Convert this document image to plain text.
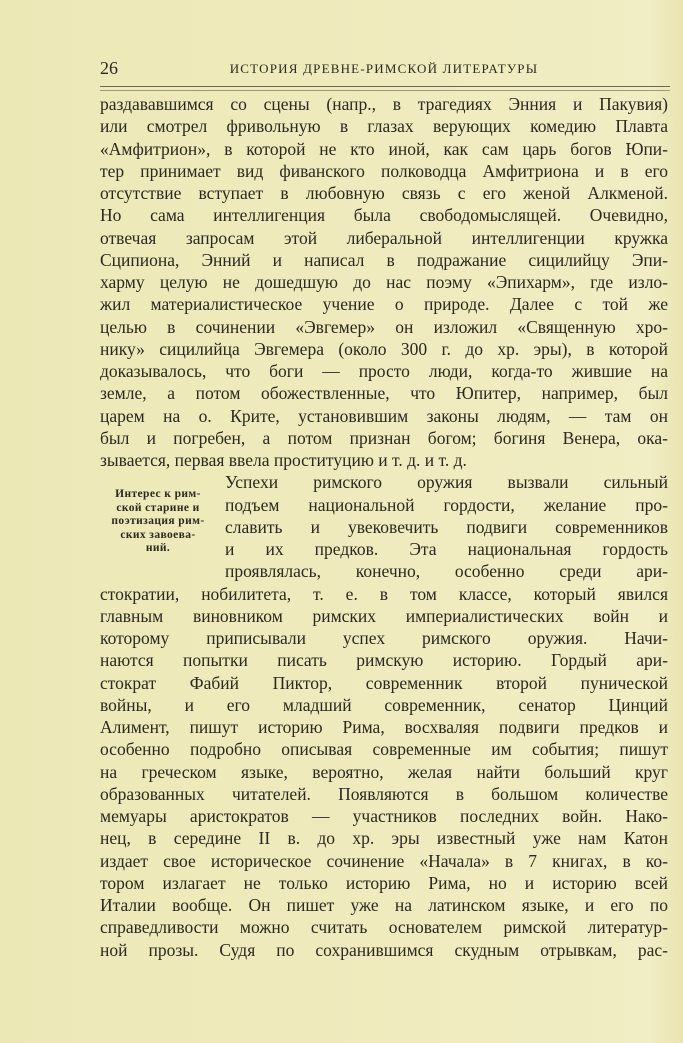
26	ИСТОРИЯ ДРЕВНЕ-РИМСКОЙ ЛИТЕРАТУРЫ
Интерес к рим-
ской старине и
поэтизация рим-
ских завоева-
ний.
раздававшимся со сцены (напр., в трагедиях Энния и Пакувия)
или смотрел фривольную в глазах верующих комедию Плавта
«Амфитрион», в которой не кто иной, как сам царь богов Юпи-
тер принимает вид фиванского полководца Амфитриона и в его
отсутствие вступает в любовную связь с его женой Алкменой.
Но сама интеллигенция была свободомыслящей. Очевидно,
отвечая запросам этой либеральной интеллигенции кружка
Сципиона, Энний и написал в подражание сицилийцу Эпи-
харму целую не дошедшую до нас поэму «Эпихарм», где изло-
жил материалистическое учение о природе. Далее с той же
целью в сочинении «Эвгемер» он изложил «Священную хро-
нику» сицилийца Эвгемера (около 300 г. до хр. эры), в которой
доказывалось, что боги — просто люди, когда-то жившие на
земле, а потом обожествленные, что Юпитер, например, был
царем на о. Крите, установившим законы людям, — там он
был и погребен, а потом признан богом; богиня Венера, ока-
зывается, первая ввела проституцию и т. д. и т. д.
Успехи римского оружия вызвали сильный
подъем национальной гордости, желание про-
славить и увековечить подвиги современников
и их предков. Эта национальная гордость
проявлялась, конечно, особенно среди ари-
стократии, нобилитета, т. е. в том классе, который явился
главным виновником римских империалистических войн и
которому приписывали успех римского оружия. Начи-
наются попытки писать римскую историю. Гордый ари-
стократ Фабий Пиктор, современник второй пунической
войны, и его младший современник, сенатор Цинций
Алимент, пишут историю Рима, восхваляя подвиги предков и
особенно подробно описывая современные им события; пишут
на греческом языке, вероятно, желая найти больший круг
образованных читателей. Появляются в большом количестве
мемуары аристократов — участников последних войн. Нако-
нец, в середине II в. до хр. эры известный уже нам Катон
издает свое историческое сочинение «Начала» в 7 книгах, в ко-
тором излагает не только историю Рима, но и историю всей
Италии вообще. Он пишет уже на латинском языке, и его по
справедливости можно считать основателем римской литератур-
ной прозы. Судя по сохранившимся скудным отрывкам, рас-
